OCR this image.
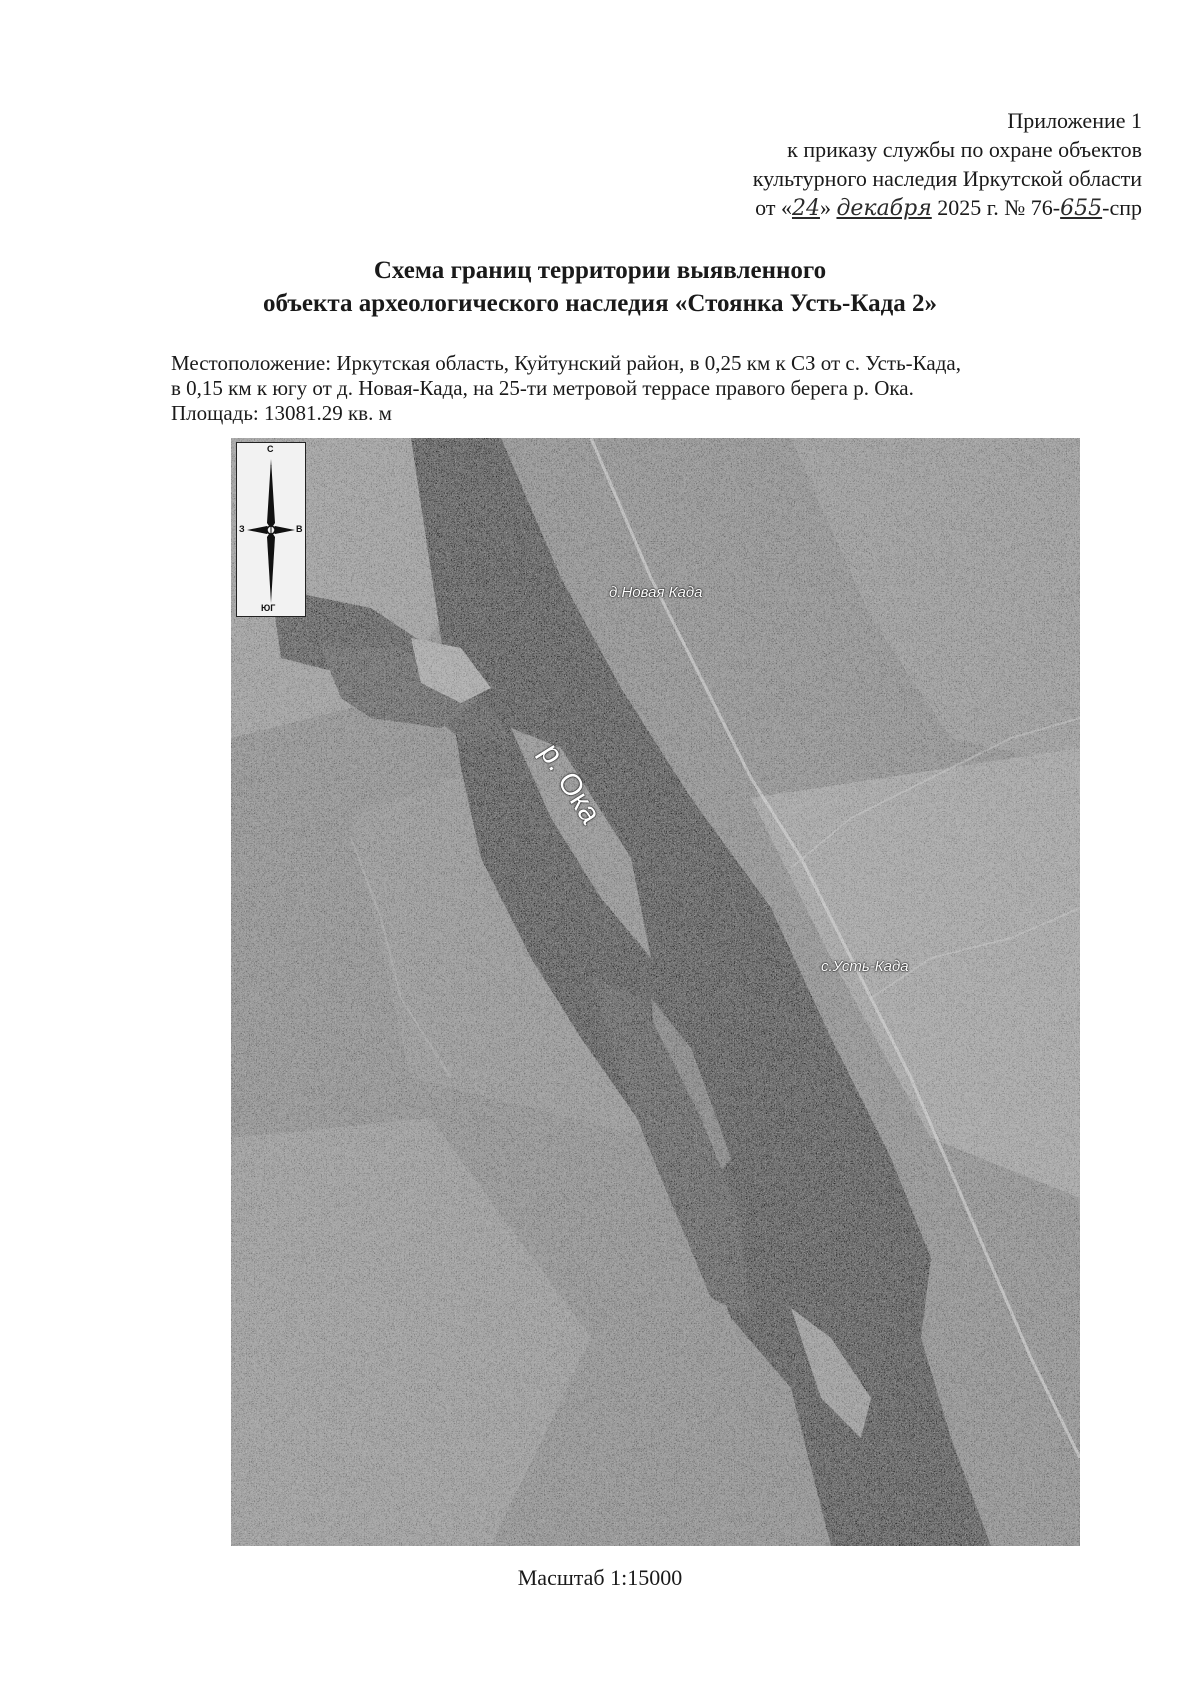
Приложение 1
к приказу службы по охране объектов
культурного наследия Иркутской области
от «24» декабря 2025 г. № 76-655-спр
Схема границ территории выявленного
объекта археологического наследия «Стоянка Усть-Када 2»
Местоположение: Иркутская область, Куйтунский район, в 0,25 км к СЗ от с. Усть-Када,
в 0,15 км к югу от д. Новая-Када, на 25-ти метровой террасе правого берега р. Ока.
Площадь: 13081.29 кв. м
С
ЮГ
З	В
д.Новая Када
р. Ока
с.Усть-Када
Масштаб 1:15000
